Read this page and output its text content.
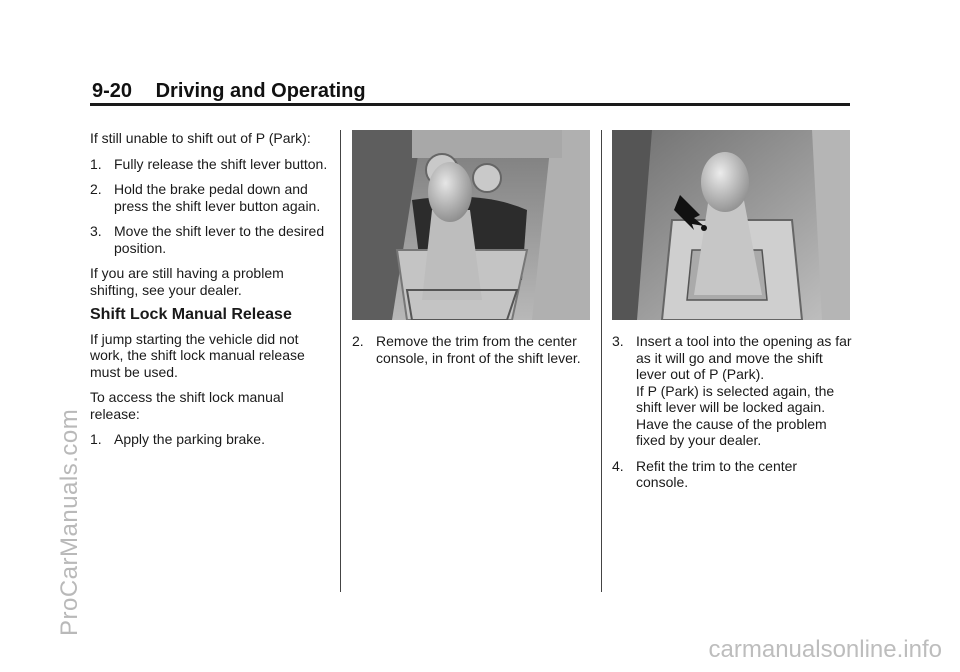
9-20 Driving and Operating
ProCarManuals.com
carmanualsonline.info

If still unable to shift out of P (Park):

1. Fully release the shift lever button.
2. Hold the brake pedal down and press the shift lever button again.
3. Move the shift lever to the desired position.

If you are still having a problem shifting, see your dealer.

Shift Lock Manual Release

If jump starting the vehicle did not work, the shift lock manual release must be used.

To access the shift lock manual release:

1. Apply the parking brake.
2. Remove the trim from the center console, in front of the shift lever.
3. Insert a tool into the opening as far as it will go and move the shift lever out of P (Park).
If P (Park) is selected again, the shift lever will be locked again. Have the cause of the problem fixed by your dealer.
4. Refit the trim to the center console.
